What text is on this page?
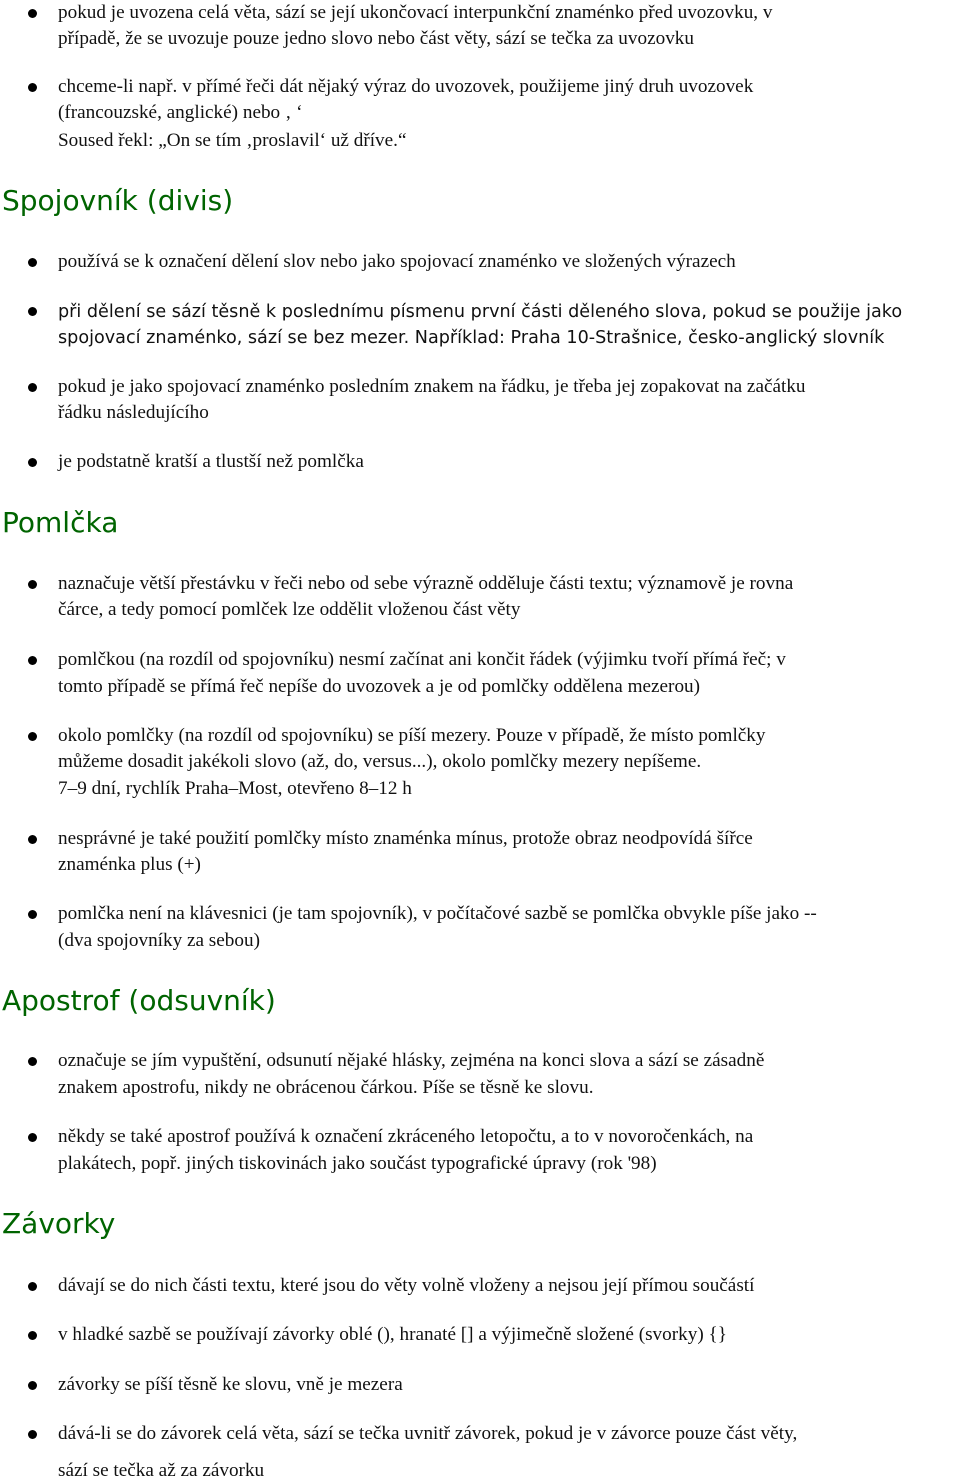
pokud je uvozena celá věta, sází se její ukončovací interpunkční znaménko před uvozovku, v
případě, že se uvozuje pouze jedno slovo nebo část věty, sází se tečka za uvozovku
chceme-li např. v přímé řeči dát nějaký výraz do uvozovek, použijeme jiný druh uvozovek
(francouzské, anglické) nebo ‚ ‘
Soused řekl: „On se tím ‚proslavil‘ už dříve.“
Spojovník (divis)
používá se k označení dělení slov nebo jako spojovací znaménko ve složených výrazech
při dělení se sází těsně k poslednímu písmenu první části děleného slova, pokud se použije jako
spojovací znaménko, sází se bez mezer. Například: Praha 10-Strašnice, česko-anglický slovník
pokud je jako spojovací znaménko posledním znakem na řádku, je třeba jej zopakovat na začátku
řádku následujícího
je podstatně kratší a tlustší než pomlčka
Pomlčka
naznačuje větší přestávku v řeči nebo od sebe výrazně odděluje části textu; významově je rovna
čárce, a tedy pomocí pomlček lze oddělit vloženou část věty
pomlčkou (na rozdíl od spojovníku) nesmí začínat ani končit řádek (výjimku tvoří přímá řeč; v
tomto případě se přímá řeč nepíše do uvozovek a je od pomlčky oddělena mezerou)
okolo pomlčky (na rozdíl od spojovníku) se píší mezery. Pouze v případě, že místo pomlčky
můžeme dosadit jakékoli slovo (až, do, versus...), okolo pomlčky mezery nepíšeme.
7–9 dní, rychlík Praha–Most, otevřeno 8–12 h
nesprávné je také použití pomlčky místo znaménka mínus, protože obraz neodpovídá šířce
znaménka plus (+)
pomlčka není na klávesnici (je tam spojovník), v počítačové sazbě se pomlčka obvykle píše jako --
(dva spojovníky za sebou)
Apostrof (odsuvník)
označuje se jím vypuštění, odsunutí nějaké hlásky, zejména na konci slova a sází se zásadně
znakem apostrofu, nikdy ne obrácenou čárkou. Píše se těsně ke slovu.
někdy se také apostrof používá k označení zkráceného letopočtu, a to v novoročenkách, na
plakátech, popř. jiných tiskovinách jako součást typografické úpravy (rok '98)
Závorky
dávají se do nich části textu, které jsou do věty volně vloženy a nejsou její přímou součástí
v hladké sazbě se používají závorky oblé (), hranaté [] a výjimečně složené (svorky) {}
závorky se píší těsně ke slovu, vně je mezera
dává-li se do závorek celá věta, sází se tečka uvnitř závorek, pokud je v závorce pouze část věty,
sází se tečka až za závorku
